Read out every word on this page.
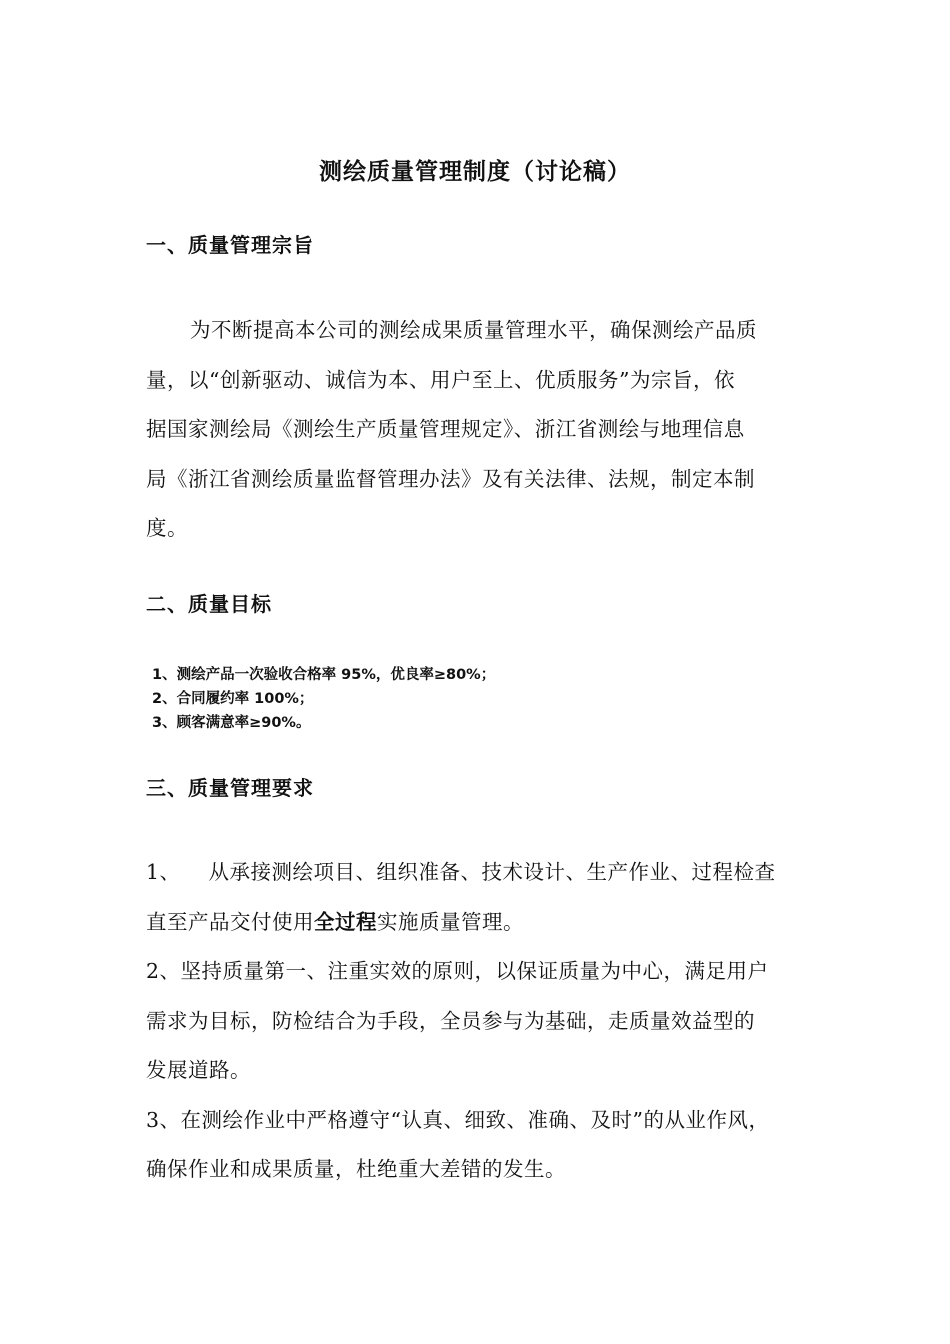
测绘质量管理制度（讨论稿）
一、质量管理宗旨
为不断提高本公司的测绘成果质量管理水平，确保测绘产品质
量，以“创新驱动、诚信为本、用户至上、优质服务”为宗旨，依
据国家测绘局《测绘生产质量管理规定》、浙江省测绘与地理信息
局《浙江省测绘质量监督管理办法》及有关法律、法规，制定本制
度。
二、质量目标
1、测绘产品一次验收合格率 95%，优良率≥80%；
2、合同履约率 100%；
3、顾客满意率≥90%。
三、质量管理要求
1、 从承接测绘项目、组织准备、技术设计、生产作业、过程检查
直至产品交付使用全过程实施质量管理。
2、坚持质量第一、注重实效的原则，以保证质量为中心，满足用户
需求为目标，防检结合为手段，全员参与为基础，走质量效益型的
发展道路。
3、在测绘作业中严格遵守“认真、细致、准确、及时”的从业作风，
确保作业和成果质量，杜绝重大差错的发生。
